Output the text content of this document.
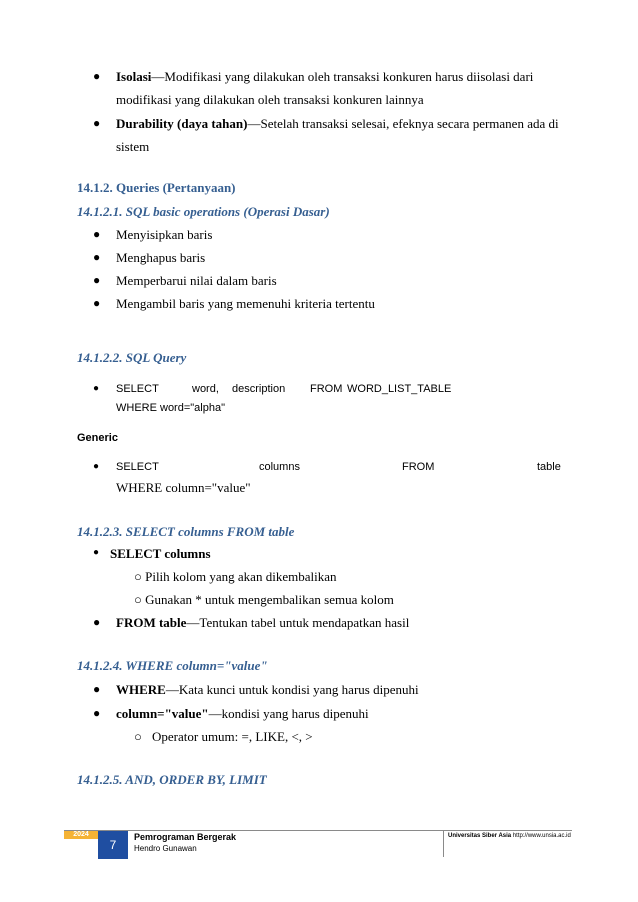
● Isolasi—Modifikasi yang dilakukan oleh transaksi konkuren harus diisolasi dari
modifikasi yang dilakukan oleh transaksi konkuren lainnya
● Durability (daya tahan)—Setelah transaksi selesai, efeknya secara permanen ada di
sistem
14.1.2. Queries (Pertanyaan)
14.1.2.1. SQL basic operations (Operasi Dasar)
● Menyisipkan baris
● Menghapus baris
● Memperbarui nilai dalam baris
● Mengambil baris yang memenuhi kriteria tertentu
14.1.2.2. SQL Query
● SELECT	word, description FROM WORD_LIST_TABLE
WHERE word="alpha"
Generic
● SELECT	columns	FROM	table
WHERE column="value"
14.1.2.3. SELECT columns FROM table
● SELECT columns
○ Pilih kolom yang akan dikembalikan
○ Gunakan * untuk mengembalikan semua kolom
● FROM table—Tentukan tabel untuk mendapatkan hasil
14.1.2.4. WHERE column="value"
● WHERE—Kata kunci untuk kondisi yang harus dipenuhi
● column="value"—kondisi yang harus dipenuhi
○ Operator umum: =, LIKE, <, >
14.1.2.5. AND, ORDER BY, LIMIT
2024
7
Pemrograman Bergerak
Hendro Gunawan
Universitas Siber Asia http://www.unsia.ac.id
